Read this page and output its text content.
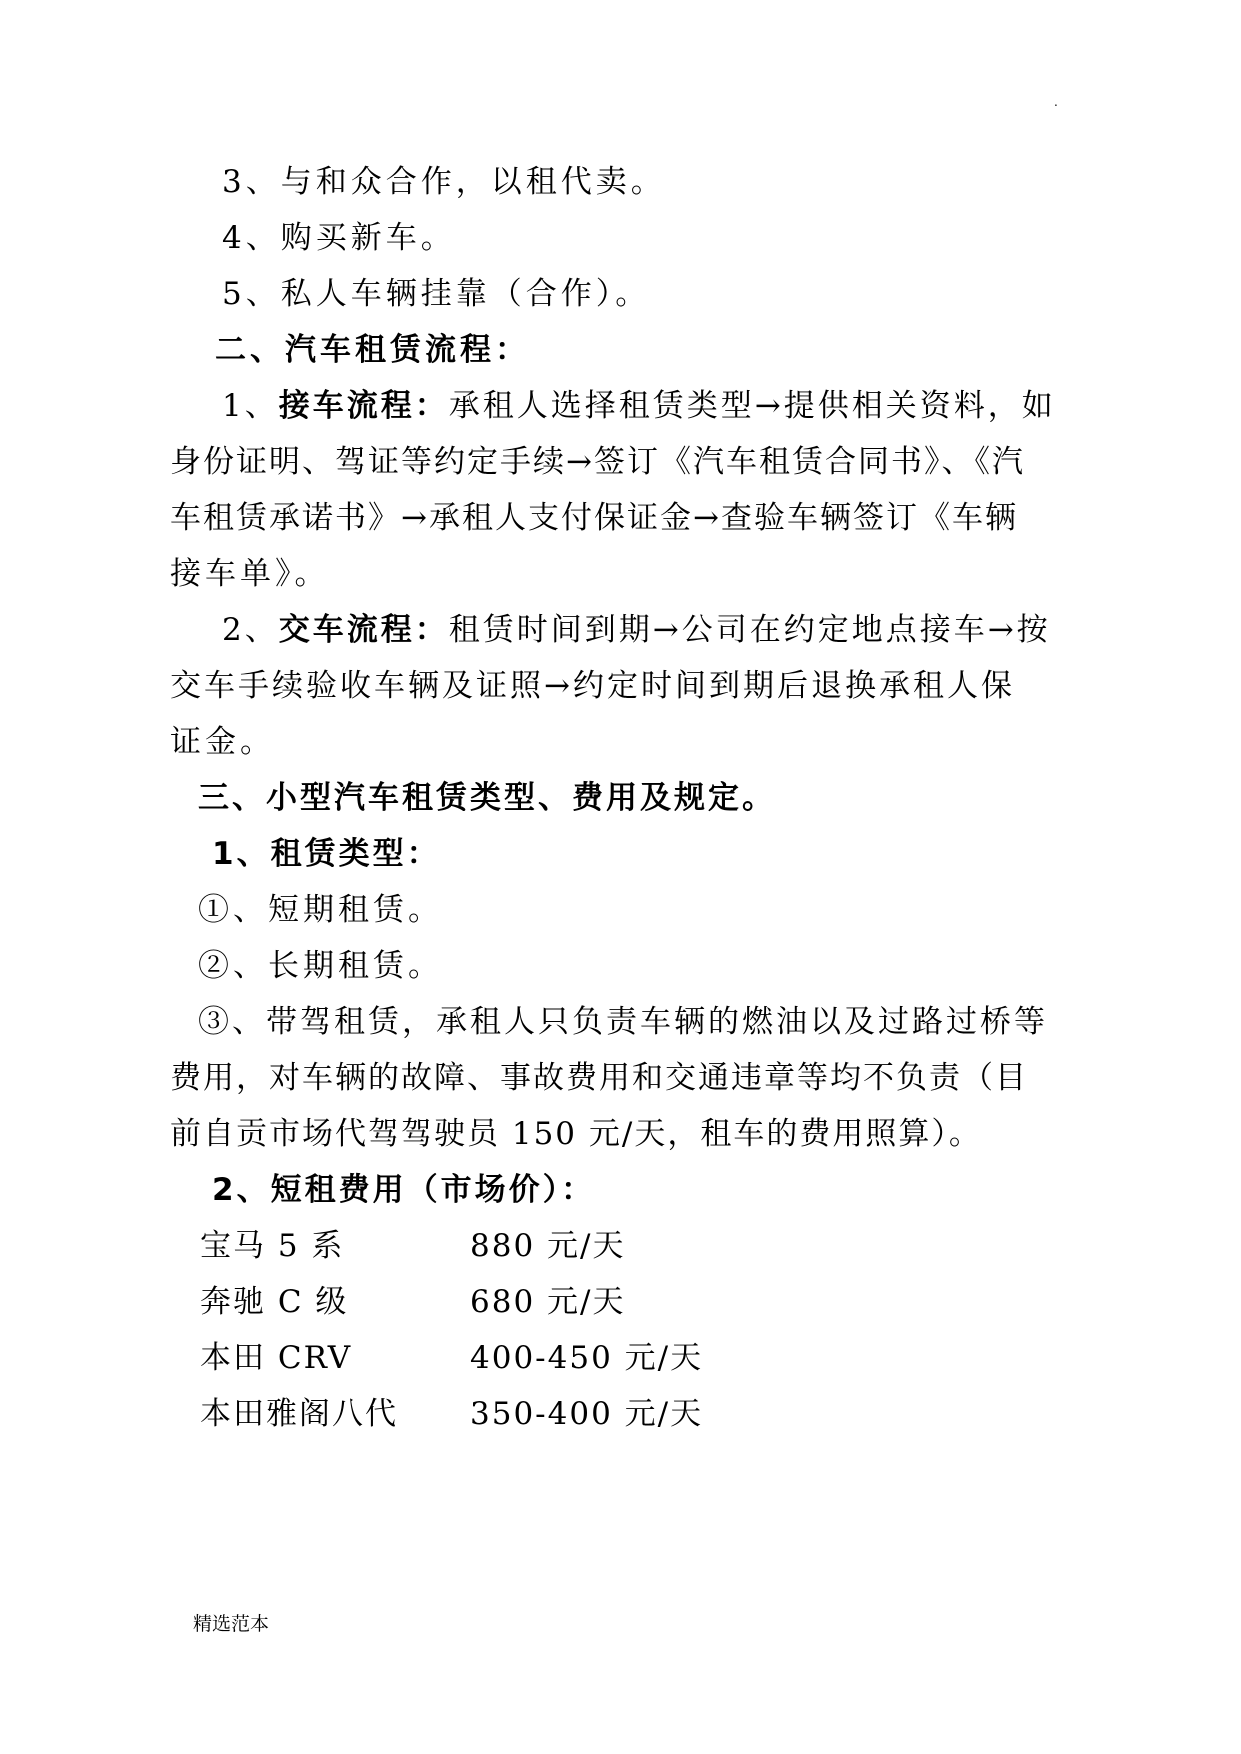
.
3、与和众合作，以租代卖。
4、购买新车。
5、私人车辆挂靠（合作）。
二、汽车租赁流程：
1、接车流程：承租人选择租赁类型→提供相关资料，如
身份证明、驾证等约定手续→签订《汽车租赁合同书》、《汽
车租赁承诺书》→承租人支付保证金→查验车辆签订《车辆
接车单》。
2、交车流程：租赁时间到期→公司在约定地点接车→按
交车手续验收车辆及证照→约定时间到期后退换承租人保
证金。
三、小型汽车租赁类型、费用及规定。
1、租赁类型：
①、短期租赁。
②、长期租赁。
③、带驾租赁，承租人只负责车辆的燃油以及过路过桥等
费用，对车辆的故障、事故费用和交通违章等均不负责（目
前自贡市场代驾驾驶员 150 元/天，租车的费用照算）。
2、短租费用（市场价）：
宝马 5 系	880 元/天
奔驰 C 级	680 元/天
本田 CRV	400-450 元/天
本田雅阁八代 350-400 元/天
精选范本
